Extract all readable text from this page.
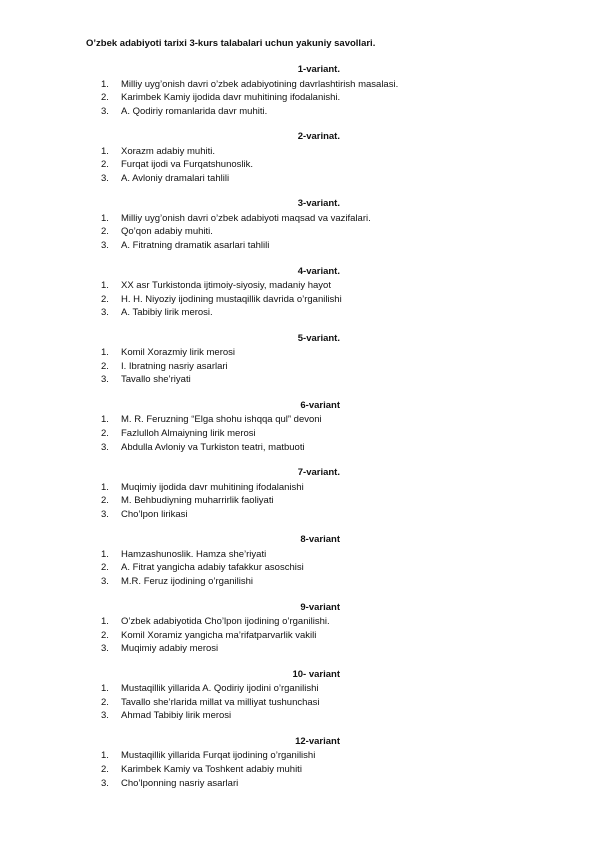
O’zbek adabiyoti tarixi 3-kurs talabalari uchun yakuniy savollari.
1-variant.
1. Milliy uyg’onish davri o’zbek adabiyotining davrlashtirish masalasi.
2. Karimbek Kamiy ijodida davr muhitining ifodalanishi.
3. A. Qodiriy romanlarida davr muhiti.
2-varinat.
1. Xorazm adabiy muhiti.
2. Furqat ijodi va Furqatshunoslik.
3. A. Avloniy dramalari tahlili
3-variant.
1. Milliy uyg’onish davri o’zbek adabiyoti maqsad va vazifalari.
2. Qo’qon adabiy muhiti.
3. A. Fitratning dramatik asarlari tahlili
4-variant.
1. XX asr Turkistonda ijtimoiy-siyosiy, madaniy hayot
2. H. H. Niyoziy ijodining mustaqillik davrida o’rganilishi
3. A. Tabibiy lirik merosi.
5-variant.
1. Komil Xorazmiy lirik merosi
2. I. Ibratning nasriy asarlari
3. Tavallo she’riyati
6-variant
1. M. R. Feruzning “Elga shohu ishqqa qul” devoni
2. Fazlulloh Almaiyning lirik merosi
3. Abdulla Avloniy va Turkiston teatri, matbuoti
7-variant.
1. Muqimiy ijodida davr muhitining ifodalanishi
2. M. Behbudiyning muharrirlik faoliyati
3. Cho’lpon lirikasi
8-variant
1. Hamzashunoslik. Hamza she’riyati
2. A. Fitrat yangicha adabiy tafakkur asoschisi
3. M.R. Feruz ijodining o’rganilishi
9-variant
1. O’zbek adabiyotida Cho’lpon ijodining o’rganilishi.
2. Komil Xoramiz yangicha ma’rifatparvarlik vakili
3. Muqimiy adabiy merosi
10- variant
1. Mustaqillik yillarida A. Qodiriy ijodini o’rganilishi
2. Tavallo she’rlarida millat va milliyat tushunchasi
3. Ahmad Tabibiy lirik merosi
12-variant
1. Mustaqillik yillarida Furqat ijodining o’rganilishi
2. Karimbek Kamiy va Toshkent adabiy muhiti
3. Cho’lponning nasriy asarlari
